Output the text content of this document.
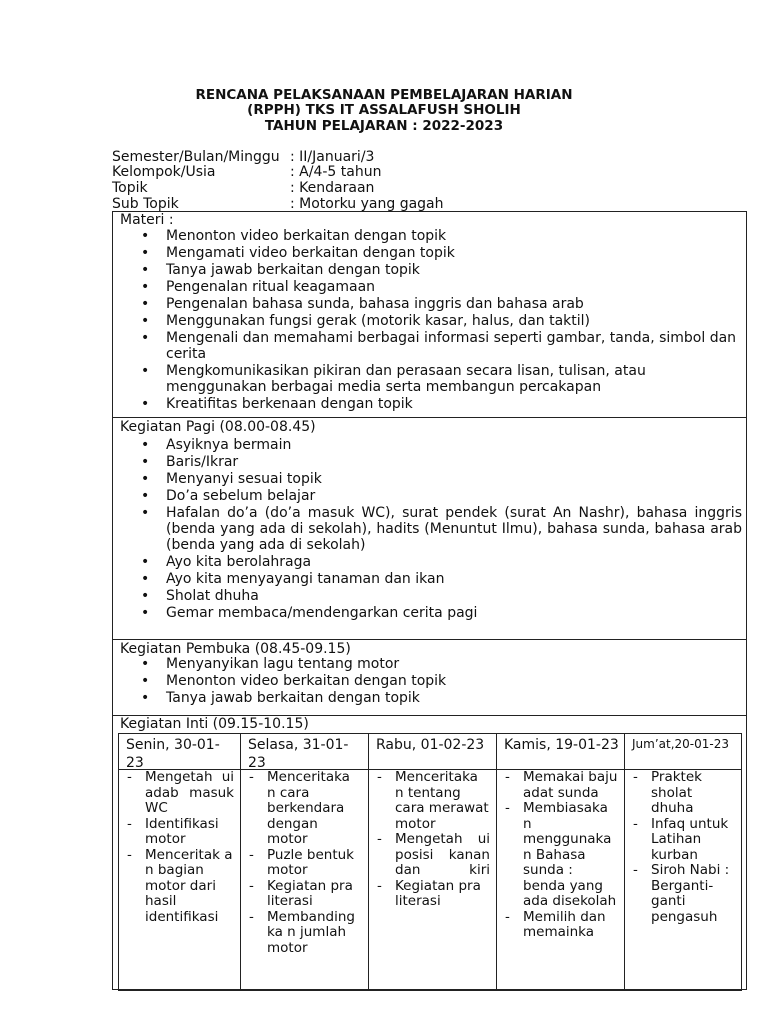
RENCANA PELAKSANAAN PEMBELAJARAN HARIAN
(RPPH) TKS IT ASSALAFUSH SHOLIH
TAHUN PELAJARAN : 2022-2023
Semester/Bulan/Minggu : II/Januari/3
Kelompok/Usia	: A/4-5 tahun
Topik	: Kendaraan
Sub Topik	: Motorku yang gagah
Materi :
• Menonton video berkaitan dengan topik
• Mengamati video berkaitan dengan topik
• Tanya jawab berkaitan dengan topik
• Pengenalan ritual keagamaan
• Pengenalan bahasa sunda, bahasa inggris dan bahasa arab
• Menggunakan fungsi gerak (motorik kasar, halus, dan taktil)
• Mengenali dan memahami berbagai informasi seperti gambar, tanda, simbol dan cerita
• Mengkomunikasikan pikiran dan perasaan secara lisan, tulisan, atau menggunakan berbagai media serta membangun percakapan
• Kreatifitas berkenaan dengan topik
Kegiatan Pagi (08.00-08.45)
• Asyiknya bermain
• Baris/Ikrar
• Menyanyi sesuai topik
• Do’a sebelum belajar
• Hafalan do’a (do’a masuk WC), surat pendek (surat An Nashr), bahasa inggris (benda yang ada di sekolah), hadits (Menuntut Ilmu), bahasa sunda, bahasa arab (benda yang ada di sekolah)
• Ayo kita berolahraga
• Ayo kita menyayangi tanaman dan ikan
• Sholat dhuha
• Gemar membaca/mendengarkan cerita pagi
Kegiatan Pembuka (08.45-09.15)
• Menyanyikan lagu tentang motor
• Menonton video berkaitan dengan topik
• Tanya jawab berkaitan dengan topik
Kegiatan Inti (09.15-10.15)
Senin, 30-01-23
- Mengetah ui adab masuk WC
- Identifikasi motor
- Menceritak a n bagian motor dari hasil identifikasi
Selasa, 31-01-23
- Menceritaka n cara berkendara dengan motor
- Puzle bentuk motor
- Kegiatan pra literasi
- Membanding ka n jumlah motor
Rabu, 01-02-23
- Menceritaka n tentang cara merawat motor
- Mengetah ui posisi kanan dan kiri
- Kegiatan pra literasi
Kamis, 19-01-23
- Memakai baju adat sunda
- Membiasaka n menggunaka n Bahasa sunda : benda yang ada disekolah
- Memilih dan memainka
Jum’at,20-01-23
- Praktek sholat dhuha
- Infaq untuk Latihan kurban
- Siroh Nabi : Berganti-ganti pengasuh
